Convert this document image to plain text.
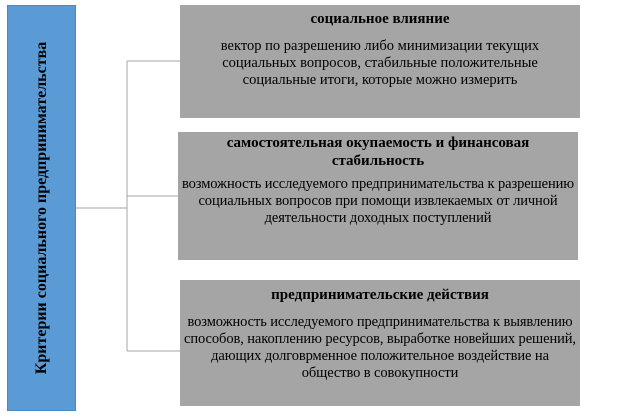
Критерии социального предпринимательства
социальное влияние
вектор по разрешению либо минимизации текущих социальных вопросов, стабильные положительные социальные итоги, которые можно измерить
самостоятельная окупаемость и финансовая стабильность
возможность исследуемого предпринимательства к разрешению социальных вопросов при помощи извлекаемых от личной деятельности доходных поступлений
предпринимательские действия
возможность исследуемого предпринимательства к выявлению способов, накоплению ресурсов, выработке новейших решений, дающих долговрменное положительное воздействие на общество в совокупности
